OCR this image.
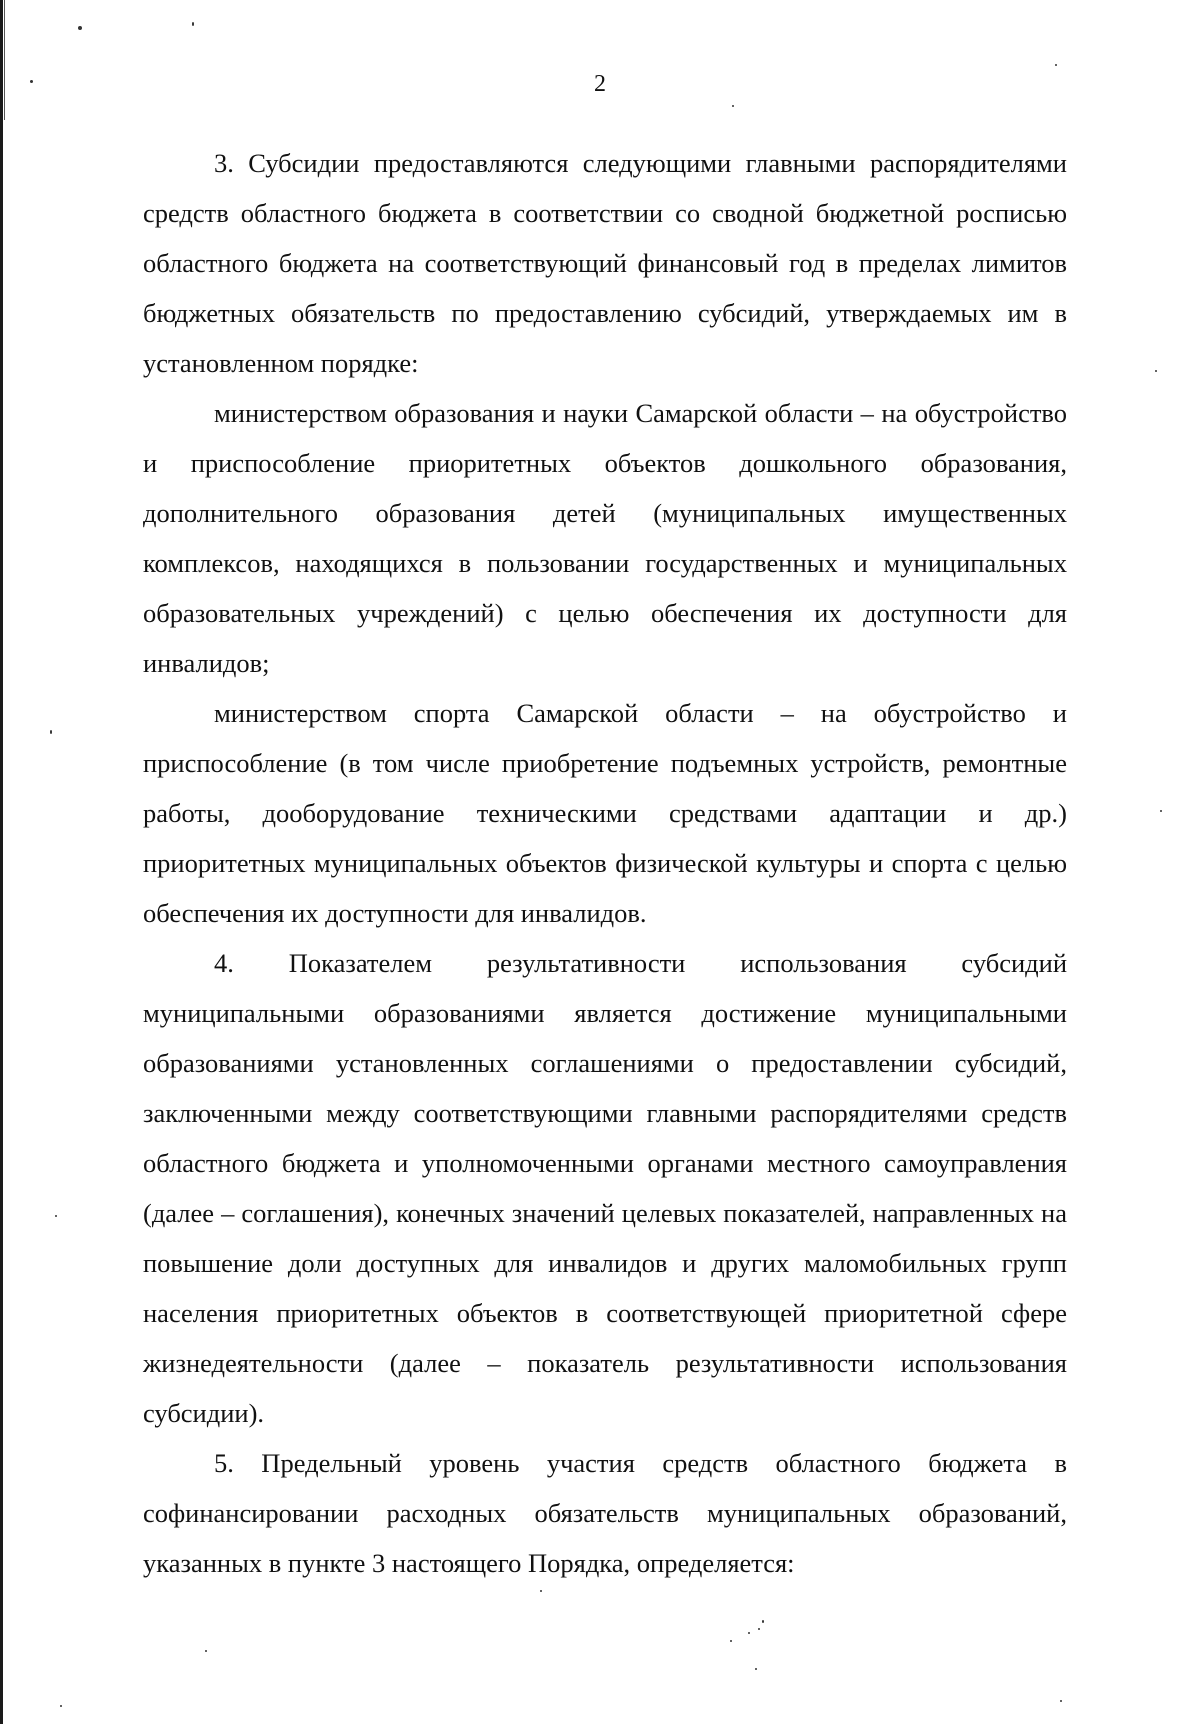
2

3. Субсидии предоставляются следующими главными распорядителями средств областного бюджета в соответствии со сводной бюджетной росписью областного бюджета на соответствующий финансовый год в пределах лимитов бюджетных обязательств по предоставлению субсидий, утверждаемых им в установленном порядке:

министерством образования и науки Самарской области – на обустройство и приспособление приоритетных объектов дошкольного образования, дополнительного образования детей (муниципальных имущественных комплексов, находящихся в пользовании государственных и муниципальных образовательных учреждений) с целью обеспечения их доступности для инвалидов;

министерством спорта Самарской области – на обустройство и приспособление (в том числе приобретение подъемных устройств, ремонтные работы, дооборудование техническими средствами адаптации и др.) приоритетных муниципальных объектов физической культуры и спорта с целью обеспечения их доступности для инвалидов.

4. Показателем результативности использования субсидий муниципальными образованиями является достижение муниципальными образованиями установленных соглашениями о предоставлении субсидий, заключенными между соответствующими главными распорядителями средств областного бюджета и уполномоченными органами местного самоуправления (далее – соглашения), конечных значений целевых показателей, направленных на повышение доли доступных для инвалидов и других маломобильных групп населения приоритетных объектов в соответствующей приоритетной сфере жизнедеятельности (далее – показатель результативности использования субсидии).

5. Предельный уровень участия средств областного бюджета в софинансировании расходных обязательств муниципальных образований, указанных в пункте 3 настоящего Порядка, определяется:
